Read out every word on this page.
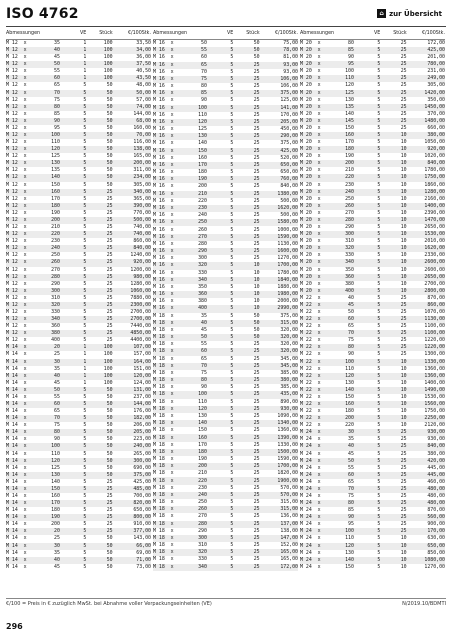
ISO 4762	⌂ zur Übersicht
Abmessungen			VE	Stück	€/100Stk.
M 12	x	35	1	100	33,50
M 12	x	40	1	100	34,00
M 12	x	45	1	100	36,00
M 12	x	50	1	100	37,50
M 12	x	55	1	100	40,50
M 12	x	60	1	100	43,50
M 12	x	65	5	50	48,00
M 12	x	70	5	50	50,00
M 12	x	75	5	50	57,00
M 12	x	80	5	50	74,00
M 12	x	85	5	50	144,00
M 12	x	90	5	50	68,00
M 12	x	95	5	50	160,00
M 12	x	100	5	50	70,00
M 12	x	110	5	50	116,00
M 12	x	120	5	50	138,00
M 12	x	125	5	50	165,00
M 12	x	130	5	50	200,00
M 12	x	135	5	50	311,00
M 12	x	140	5	50	234,00
M 12	x	150	5	50	305,00
M 12	x	160	5	25	340,00
M 12	x	170	5	25	365,00
M 12	x	180	5	25	390,00
M 12	x	190	5	25	770,00
M 12	x	200	5	25	500,00
M 12	x	210	5	25	740,00
M 12	x	220	5	25	740,00
M 12	x	230	5	25	860,00
M 12	x	240	5	25	840,00
M 12	x	250	5	25	1240,00
M 12	x	260	5	25	920,00
M 12	x	270	5	25	1200,00
M 12	x	280	5	25	980,00
M 12	x	290	5	25	1280,00
M 12	x	300	5	25	1060,00
M 12	x	310	5	25	7880,00
M 12	x	320	5	25	2300,00
M 12	x	330	5	25	2700,00
M 12	x	340	5	25	2700,00
M 12	x	360	5	25	7440,00
M 12	x	380	5	25	4850,00
M 12	x	400	5	25	4400,00
M 14	x	20	1	100	107,00
M 14	x	25	1	100	157,00
M 14	x	30	1	100	164,00
M 14	x	35	1	100	151,00
M 14	x	40	1	100	120,00
M 14	x	45	1	100	124,00
M 14	x	50	5	50	131,00
M 14	x	55	5	50	237,00
M 14	x	60	5	50	144,00
M 14	x	65	5	50	176,00
M 14	x	70	5	50	182,00
M 14	x	75	5	50	206,00
M 14	x	80	5	50	205,00
M 14	x	90	5	50	223,00
M 14	x	100	5	50	240,00
M 14	x	110	5	50	265,00
M 14	x	120	5	50	300,00
M 14	x	125	5	50	690,00
M 14	x	130	5	50	375,00
M 14	x	140	5	25	425,00
M 14	x	150	5	25	485,00
M 14	x	160	5	25	700,00
M 14	x	170	5	25	820,00
M 14	x	180	5	25	650,00
M 14	x	190	5	25	800,00
M 14	x	200	5	25	910,00
M 14	x	20	5	25	377,00
M 14	x	25	5	50	143,00
M 14	x	30	5	50	66,00
M 14	x	35	5	50	69,00
M 14	x	40	5	50	71,00
M 14	x	45	5	50	73,00
Abmessungen			VE	Stück	€/100Stk.
M 16	x	50	5	50	75,00
M 16	x	55	5	50	78,00
M 16	x	60	5	50	81,00
M 16	x	65	5	25	93,00
M 16	x	70	5	25	93,00
M 16	x	75	5	25	106,00
M 16	x	80	5	25	106,00
M 16	x	85	5	25	375,00
M 16	x	90	5	25	125,00
M 16	x	100	5	25	141,00
M 16	x	110	5	25	170,00
M 16	x	120	5	25	205,00
M 16	x	125	5	25	450,00
M 16	x	130	5	25	290,00
M 16	x	140	5	25	375,00
M 16	x	150	5	25	425,00
M 16	x	160	5	25	520,00
M 16	x	170	5	25	650,00
M 16	x	180	5	25	650,00
M 16	x	190	5	25	760,00
M 16	x	200	5	25	840,00
M 16	x	210	5	25	1380,00
M 16	x	220	5	25	500,00
M 16	x	230	5	25	1620,00
M 16	x	240	5	25	500,00
M 16	x	250	5	25	1580,00
M 16	x	260	5	25	1000,00
M 16	x	270	5	25	1590,00
M 16	x	280	5	25	1130,00
M 16	x	290	5	25	1600,00
M 16	x	300	5	25	1270,00
M 16	x	320	5	10	1700,00
M 16	x	330	5	10	1780,00
M 16	x	340	5	10	1840,00
M 16	x	350	5	10	1880,00
M 16	x	360	5	10	1980,00
M 16	x	380	5	10	2000,00
M 16	x	400	5	10	2990,00
M 18	x	35	5	50	375,00
M 18	x	40	5	50	315,00
M 18	x	45	5	50	320,00
M 18	x	50	5	50	320,00
M 18	x	55	5	25	320,00
M 18	x	60	5	25	320,00
M 18	x	65	5	25	345,00
M 18	x	70	5	25	345,00
M 18	x	75	5	25	385,00
M 18	x	80	5	25	380,00
M 18	x	90	5	25	385,00
M 18	x	100	5	25	435,00
M 18	x	110	5	25	890,00
M 18	x	120	5	25	930,00
M 18	x	130	5	25	1090,00
M 18	x	140	5	25	1340,00
M 18	x	150	5	25	1360,00
M 18	x	160	5	25	1390,00
M 18	x	170	5	25	1330,00
M 18	x	180	5	25	1500,00
M 18	x	190	5	25	1590,00
M 18	x	200	5	25	1700,00
M 18	x	210	5	25	1820,00
M 18	x	220	5	25	1900,00
M 18	x	230	5	25	570,00
M 18	x	240	5	25	570,00
M 18	x	250	5	25	315,00
M 18	x	260	5	25	315,00
M 18	x	270	5	25	136,00
M 18	x	280	5	25	137,00
M 18	x	290	5	25	138,00
M 18	x	300	5	25	147,00
M 18	x	310	5	25	152,00
M 18	x	320	5	25	165,00
M 18	x	330	5	25	165,00
M 18	x	340	5	25	172,00
Abmessungen			VE	Stück	€/100Stk.
M 20	x	80	5	25	172,00
M 20	x	85	5	25	425,00
M 20	x	90	5	25	201,00
M 20	x	95	5	25	780,00
M 20	x	100	5	25	231,00
M 20	x	110	5	25	249,00
M 20	x	120	5	25	305,00
M 20	x	125	5	25	1420,00
M 20	x	130	5	25	350,00
M 20	x	135	5	25	1450,00
M 20	x	140	5	25	370,00
M 20	x	145	5	25	1480,00
M 20	x	150	5	25	660,00
M 20	x	160	5	10	380,00
M 20	x	170	5	10	1050,00
M 20	x	180	5	10	920,00
M 20	x	190	5	10	1020,00
M 20	x	200	5	10	840,00
M 20	x	210	5	10	1780,00
M 20	x	220	5	10	1750,00
M 20	x	230	5	10	1860,00
M 20	x	240	5	10	1280,00
M 20	x	250	5	10	2160,00
M 20	x	260	5	10	1400,00
M 20	x	270	5	10	2390,00
M 20	x	280	5	10	1470,00
M 20	x	290	5	10	2650,00
M 20	x	300	5	10	1530,00
M 20	x	310	5	10	2010,00
M 20	x	320	5	10	1620,00
M 20	x	330	5	10	2330,00
M 20	x	340	5	10	2600,00
M 20	x	350	5	10	2600,00
M 20	x	360	5	10	2650,00
M 20	x	380	5	10	2700,00
M 20	x	400	5	10	2800,00
M 22	x	40	5	25	870,00
M 22	x	45	5	25	860,00
M 22	x	50	5	25	1070,00
M 22	x	60	5	25	1130,00
M 22	x	65	5	25	1100,00
M 22	x	70	5	25	1100,00
M 22	x	75	5	25	1220,00
M 22	x	80	5	25	1220,00
M 22	x	90	5	25	1300,00
M 22	x	100	5	10	1330,00
M 22	x	110	5	10	1360,00
M 22	x	120	5	10	1360,00
M 22	x	130	5	10	1400,00
M 22	x	140	5	10	1490,00
M 22	x	150	5	10	1530,00
M 22	x	160	5	10	1560,00
M 22	x	180	5	10	1750,00
M 22	x	200	5	10	2250,00
M 22	x	220	5	10	2120,00
M 24	x	30	5	25	930,00
M 24	x	35	5	25	930,00
M 24	x	40	5	25	840,00
M 24	x	45	5	25	380,00
M 24	x	50	5	25	420,00
M 24	x	55	5	25	445,00
M 24	x	60	5	25	445,00
M 24	x	65	5	25	460,00
M 24	x	70	5	25	480,00
M 24	x	75	5	25	480,00
M 24	x	80	5	25	480,00
M 24	x	85	5	25	870,00
M 24	x	90	5	25	560,00
M 24	x	95	5	25	900,00
M 24	x	100	5	25	170,00
M 24	x	110	5	10	630,00
M 24	x	120	5	10	650,00
M 24	x	130	5	10	850,00
M 24	x	140	5	10	1080,00
M 24	x	150	5	10	1270,00
€/100 = Preis in € zuzüglich MwSt. bei Abnahme voller Verpackungseinheiten (VE)	N/2019.10/BDMTI
296
